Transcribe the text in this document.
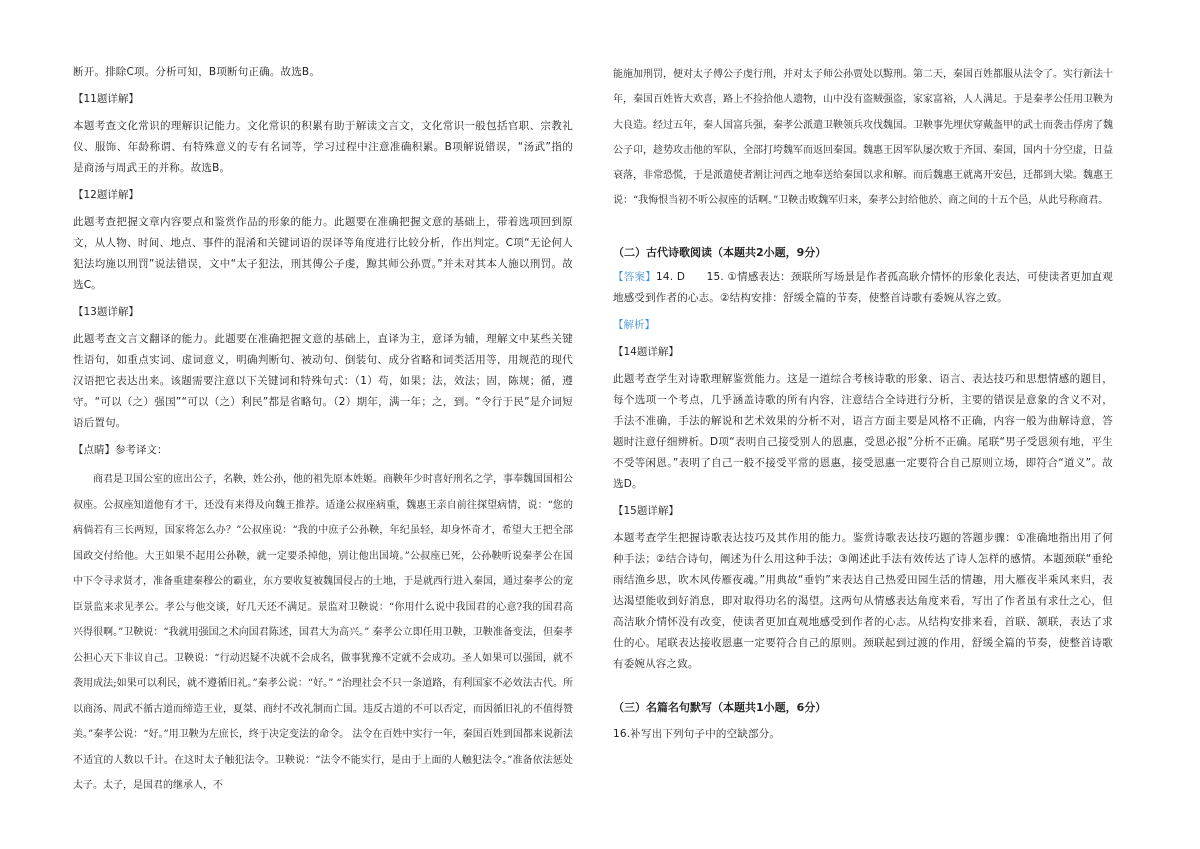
断开。排除C项。分析可知，B项断句正确。故选B。

【11题详解】

本题考查文化常识的理解识记能力。文化常识的积累有助于解读文言文，文化常识一般包括官职、宗教礼仪、服饰、年龄称谓、有特殊意义的专有名词等，学习过程中注意准确积累。B项解说错误，“汤武”指的是商汤与周武王的并称。故选B。

【12题详解】

此题考查把握文章内容要点和鉴赏作品的形象的能力。此题要在准确把握文意的基础上，带着选项回到原文，从人物、时间、地点、事件的混淆和关键词语的误译等角度进行比较分析，作出判定。C项“无论何人犯法均施以刑罚”说法错误，文中“太子犯法，刑其傅公子虔，黥其师公孙贾。”并未对其本人施以刑罚。故选C。

【13题详解】

此题考查文言文翻译的能力。此题要在准确把握文意的基础上，直译为主，意译为辅，理解文中某些关键性语句，如重点实词、虚词意义，明确判断句、被动句、倒装句、成分省略和词类活用等，用规范的现代汉语把它表达出来。该题需要注意以下关键词和特殊句式：（1）苟，如果；法，效法；固，陈规；循，遵守。“可以（之）强国”“可以（之）利民”都是省略句。（2）期年，满一年；之，到。“令行于民”是介词短语后置句。

【点睛】参考译文：

商君是卫国公室的庶出公子，名鞅，姓公孙，他的祖先原本姓姬。商鞅年少时喜好刑名之学，事奉魏国国相公叔座。公叔座知道他有才干，还没有来得及向魏王推荐。适逢公叔座病重，魏惠王亲自前往探望病情，说：“您的病倘若有三长两短，国家将怎么办？”公叔座说：“我的中庶子公孙鞅，年纪虽轻，却身怀奇才，希望大王把全部国政交付给他。大王如果不起用公孙鞅，就一定要杀掉他，别让他出国境。”公叔座已死，公孙鞅听说秦孝公在国中下令寻求贤才，准备重建秦穆公的霸业，东方要收复被魏国侵占的土地，于是就西行进入秦国，通过秦孝公的宠臣景监来求见孝公。孝公与他交谈，好几天还不满足。景监对卫鞅说：“你用什么说中我国君的心意?我的国君高兴得很啊。”卫鞅说：“我就用强国之术向国君陈述，国君大为高兴。” 秦孝公立即任用卫鞅，卫鞅准备变法，但秦孝公担心天下非议自己。卫鞅说：“行动迟疑不决就不会成名，做事犹豫不定就不会成功。圣人如果可以强国，就不袭用成法;如果可以利民，就不遵循旧礼。”秦孝公说：“好。” “治理社会不只一条道路，有利国家不必效法古代。所以商汤、周武不循古道而缔造王业，夏桀、商纣不改礼制而亡国。违反古道的不可以否定，而因循旧礼的不值得赞美。”秦孝公说：“好。”用卫鞅为左庶长，终于决定变法的命令。 法令在百姓中实行一年，秦国百姓到国都来说新法不适宜的人数以千计。在这时太子触犯法令。卫鞅说：“法令不能实行，是由于上面的人触犯法令。”准备依法惩处太子。太子，是国君的继承人，不

能施加刑罚，便对太子傅公子虔行刑，并对太子师公孙贾处以黥刑。第二天，秦国百姓都服从法令了。实行新法十年，秦国百姓皆大欢喜，路上不捡拾他人遗物，山中没有盗贼强盗，家家富裕，人人满足。于是秦孝公任用卫鞅为大良造。经过五年，秦人国富兵强，秦孝公派遣卫鞅领兵攻伐魏国。卫鞅事先埋伏穿戴盔甲的武士而袭击俘虏了魏公子卬，趁势攻击他的军队，全部打垮魏军而返回秦国。魏惠王因军队屡次败于齐国、秦国，国内十分空虚，日益衰落，非常恐慌，于是派遣使者割让河西之地奉送给秦国以求和解。而后魏惠王就离开安邑，迁都到大梁。魏惠王说：“我悔恨当初不听公叔座的话啊。”卫鞅击败魏军归来，秦孝公封给他於、商之间的十五个邑，从此号称商君。

（二）古代诗歌阅读（本题共2小题，9分）

【答案】14. D　　15. ①情感表达：颈联所写场景是作者孤高耿介情怀的形象化表达，可使读者更加直观地感受到作者的心志。②结构安排：舒缓全篇的节奏，使整首诗歌有委婉从容之致。

【解析】
【14题详解】

此题考查学生对诗歌理解鉴赏能力。这是一道综合考核诗歌的形象、语言、表达技巧和思想情感的题目，每个选项一个考点，几乎涵盖诗歌的所有内容，注意结合全诗进行分析，主要的错误是意象的含义不对，手法不准确，手法的解说和艺术效果的分析不对，语言方面主要是风格不正确，内容一般为曲解诗意，答题时注意仔细辨析。D项“表明自己接受别人的恩惠，受恩必报”分析不正确。尾联“男子受恩须有地，平生不受等闲恩。”表明了自己一般不接受平常的恩惠，接受恩惠一定要符合自己原则立场，即符合“道义”。故选D。

【15题详解】

本题考查学生把握诗歌表达技巧及其作用的能力。鉴赏诗歌表达技巧题的答题步骤：①准确地指出用了何种手法；②结合诗句，阐述为什么用这种手法；③阐述此手法有效传达了诗人怎样的感情。本题颈联“垂纶雨结渔乡思，吹木风传雁夜魂。”用典故“垂钓”来表达自己热爱田园生活的情趣，用大雁夜半乘风来归，表达渴望能收到好消息，即对取得功名的渴望。这两句从情感表达角度来看，写出了作者虽有求仕之心，但高洁耿介情怀没有改变，使读者更加直观地感受到作者的心志。从结构安排来看，首联、颔联，表达了求仕的心。尾联表达接收恩惠一定要符合自己的原则。颈联起到过渡的作用，舒缓全篇的节奏，使整首诗歌有委婉从容之致。

（三）名篇名句默写（本题共1小题，6分）

16.补写出下列句子中的空缺部分。
